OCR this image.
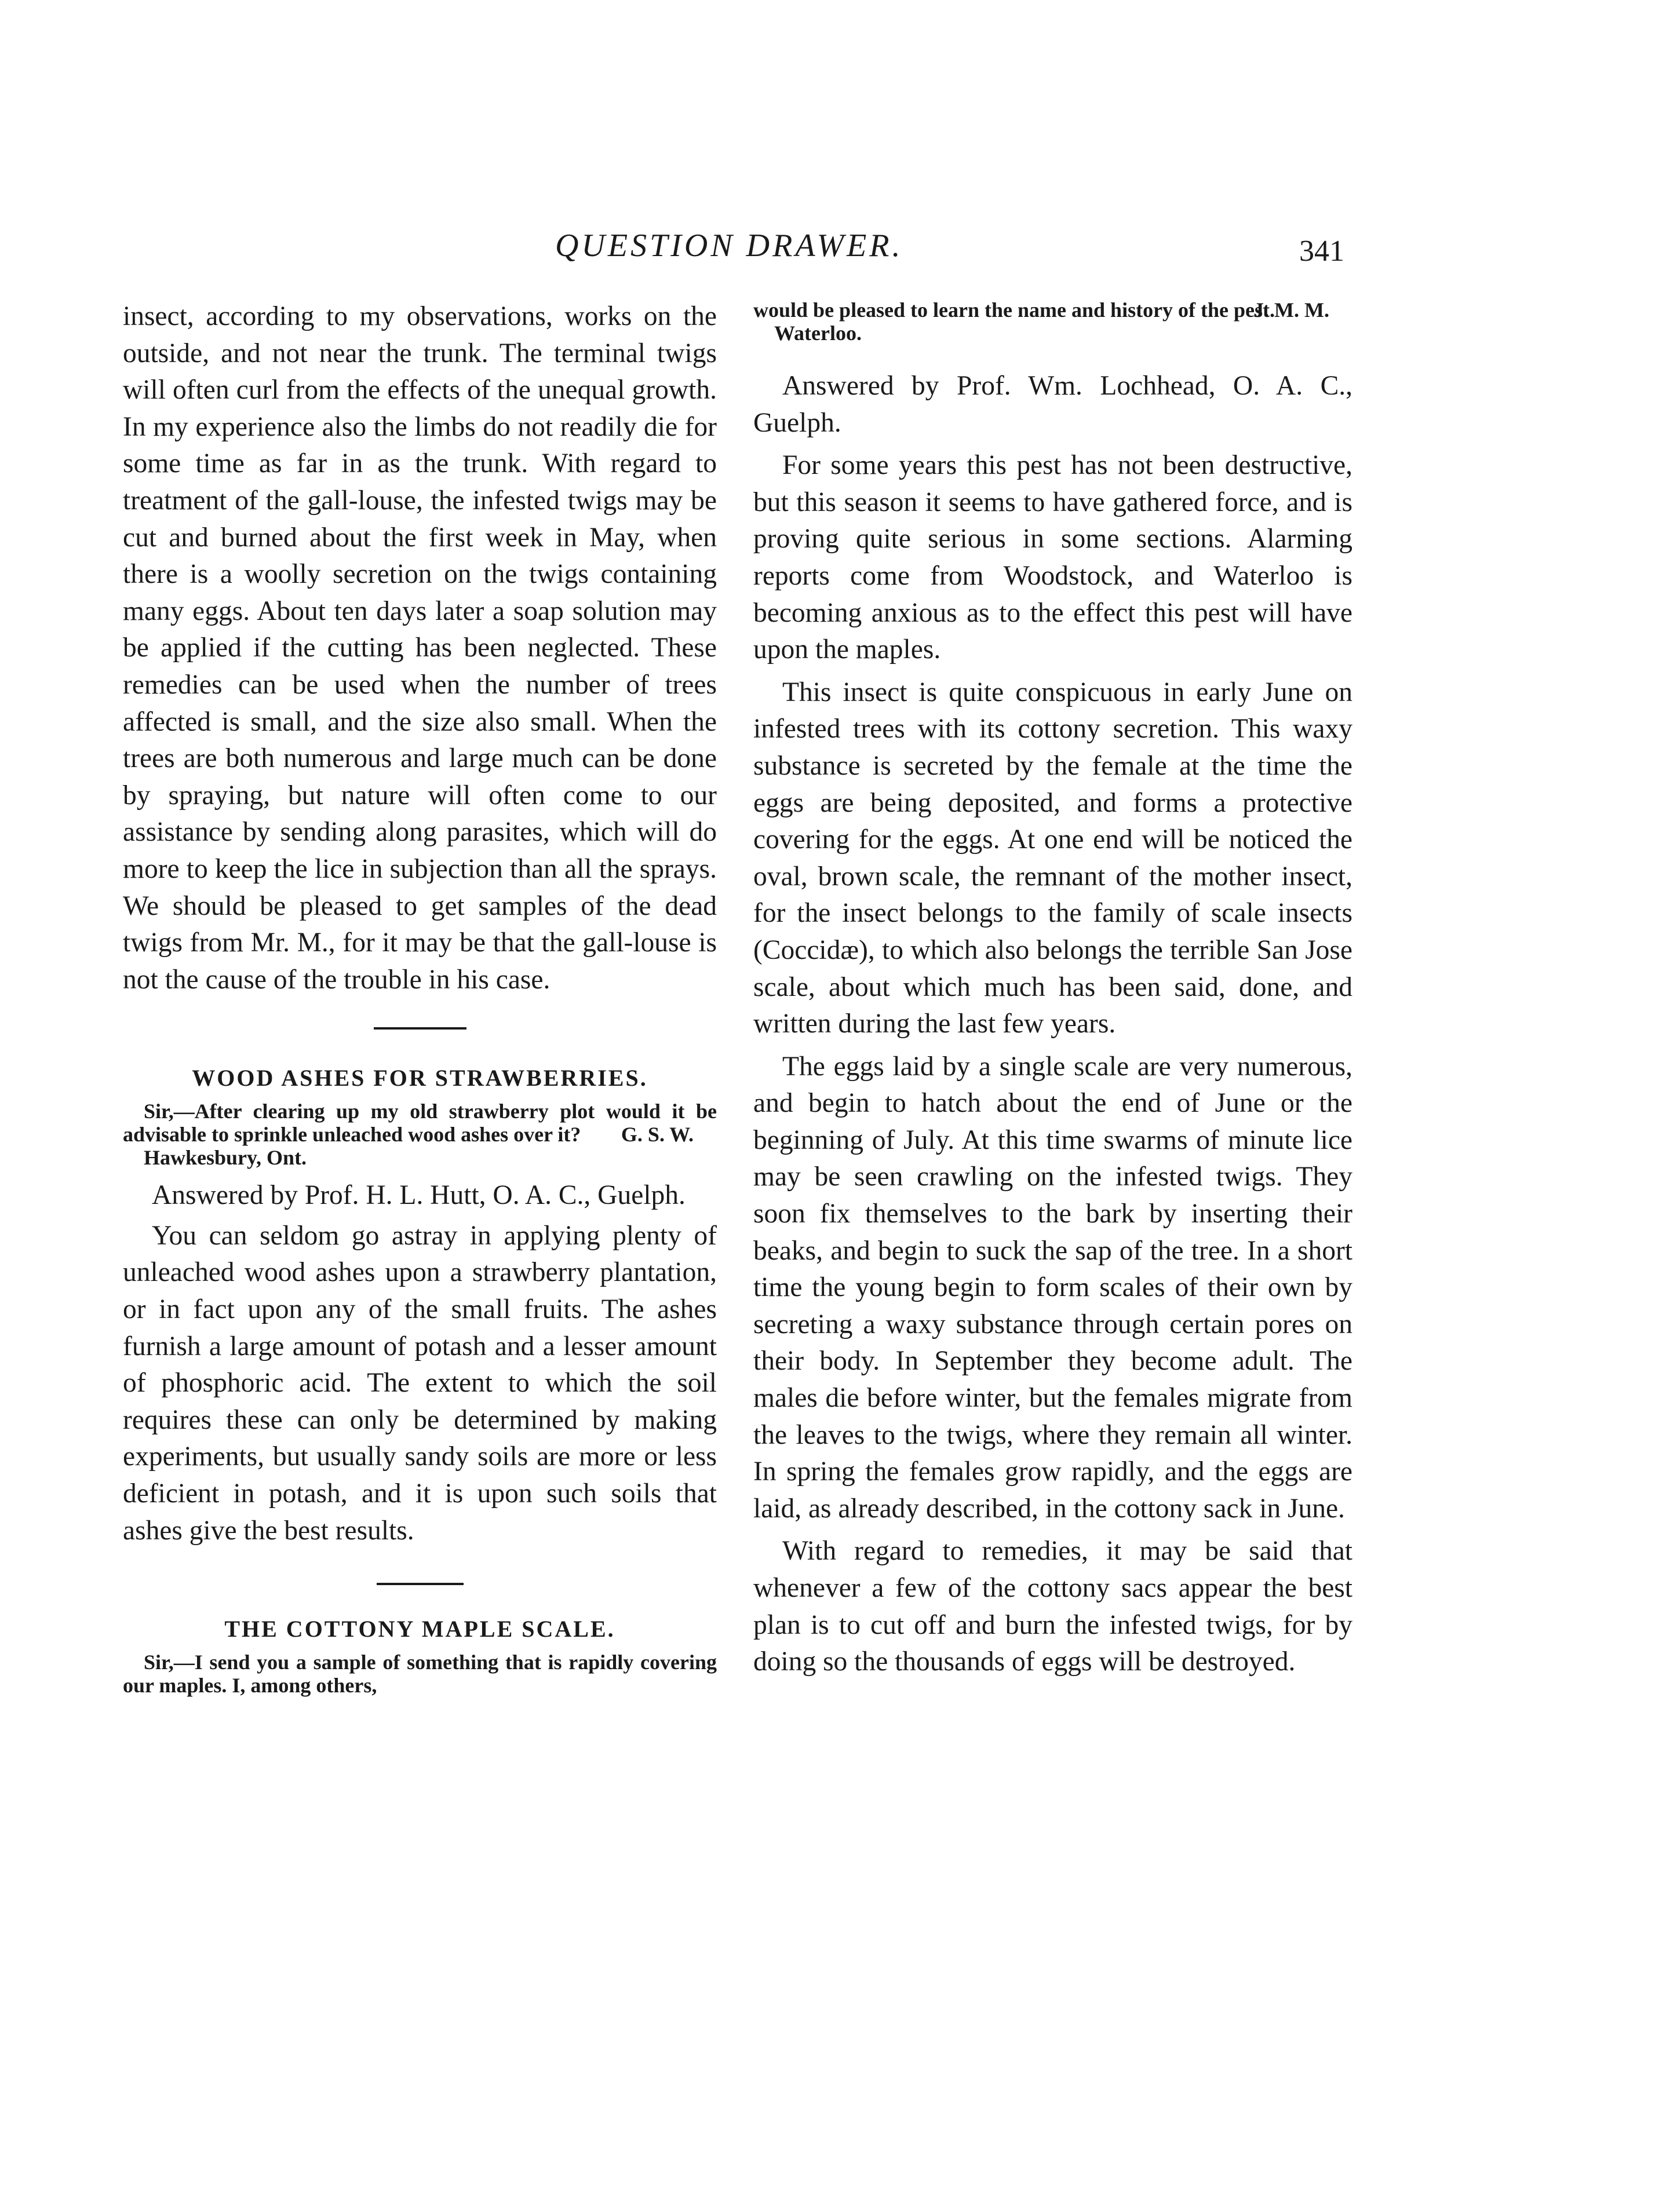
QUESTION DRAWER.	341

insect, according to my observations, works on the outside, and not near the trunk. The terminal twigs will often curl from the effects of the unequal growth. In my experience also the limbs do not readily die for some time as far in as the trunk. With regard to treatment of the gall-louse, the infested twigs may be cut and burned about the first week in May, when there is a woolly secretion on the twigs containing many eggs. About ten days later a soap solution may be applied if the cutting has been neglected. These remedies can be used when the number of trees affected is small, and the size also small. When the trees are both numerous and large much can be done by spraying, but nature will often come to our assistance by sending along parasites, which will do more to keep the lice in subjection than all the sprays. We should be pleased to get samples of the dead twigs from Mr. M., for it may be that the gall-louse is not the cause of the trouble in his case.

WOOD ASHES FOR STRAWBERRIES.

Sir,—After clearing up my old strawberry plot would it be advisable to sprinkle unleached wood ashes over it?	G. S. W.

Hawkesbury, Ont.

Answered by Prof. H. L. Hutt, O. A. C., Guelph.

You can seldom go astray in applying plenty of unleached wood ashes upon a strawberry plantation, or in fact upon any of the small fruits. The ashes furnish a large amount of potash and a lesser amount of phosphoric acid. The extent to which the soil requires these can only be determined by making experiments, but usually sandy soils are more or less deficient in potash, and it is upon such soils that ashes give the best results.

THE COTTONY MAPLE SCALE.

Sir,—I send you a sample of something that is rapidly covering our maples. I, among others,

would be pleased to learn the name and history of the pest.
J. M. M.

Waterloo.

Answered by Prof. Wm. Lochhead, O. A. C., Guelph.

For some years this pest has not been destructive, but this season it seems to have gathered force, and is proving quite serious in some sections. Alarming reports come from Woodstock, and Waterloo is becoming anxious as to the effect this pest will have upon the maples.

This insect is quite conspicuous in early June on infested trees with its cottony secretion. This waxy substance is secreted by the female at the time the eggs are being deposited, and forms a protective covering for the eggs. At one end will be noticed the oval, brown scale, the remnant of the mother insect, for the insect belongs to the family of scale insects (Coccidæ), to which also belongs the terrible San Jose scale, about which much has been said, done, and written during the last few years.

The eggs laid by a single scale are very numerous, and begin to hatch about the end of June or the beginning of July. At this time swarms of minute lice may be seen crawling on the infested twigs. They soon fix themselves to the bark by inserting their beaks, and begin to suck the sap of the tree. In a short time the young begin to form scales of their own by secreting a waxy substance through certain pores on their body. In September they become adult. The males die before winter, but the females migrate from the leaves to the twigs, where they remain all winter. In spring the females grow rapidly, and the eggs are laid, as already described, in the cottony sack in June.

With regard to remedies, it may be said that whenever a few of the cottony sacs appear the best plan is to cut off and burn the infested twigs, for by doing so the thousands of eggs will be destroyed.
